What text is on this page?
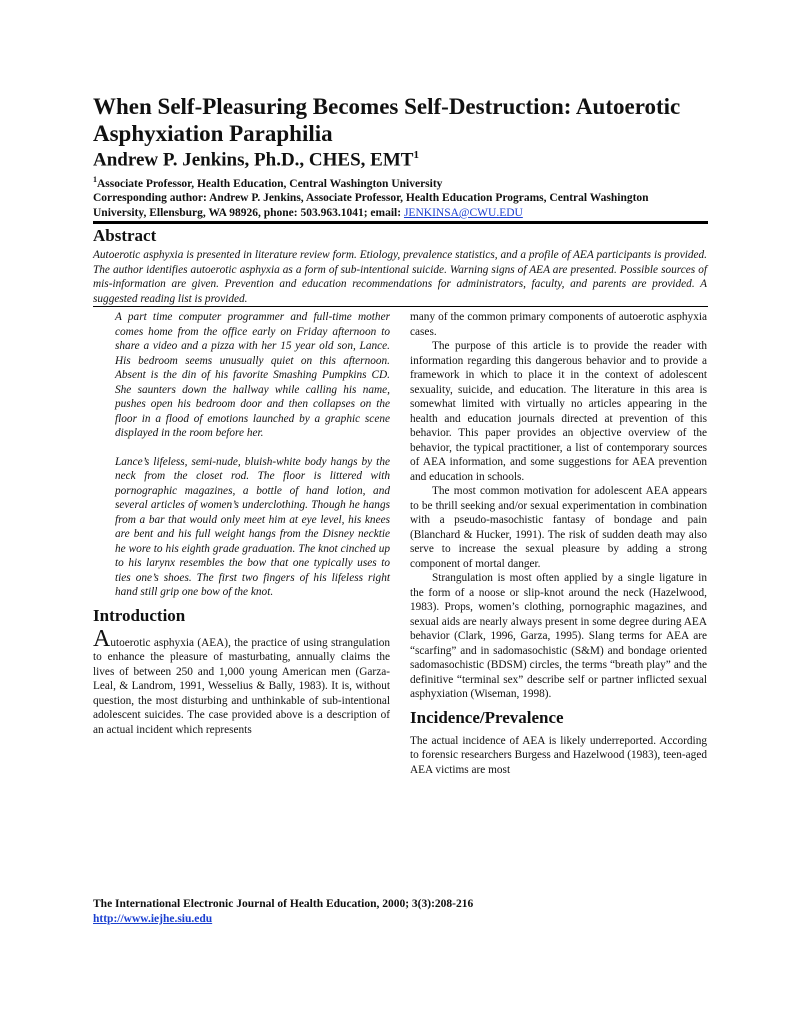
When Self-Pleasuring Becomes Self-Destruction: Autoerotic Asphyxiation Paraphilia

Andrew P. Jenkins, Ph.D., CHES, EMT$^1$

$^1$Associate Professor, Health Education, Central Washington University
Corresponding author: Andrew P. Jenkins, Associate Professor, Health Education Programs, Central Washington University, Ellensburg, WA 98926, phone: 503.963.1041; email: JENKINSA@CWU.EDU

Abstract

Autoerotic asphyxia is presented in literature review form. Etiology, prevalence statistics, and a profile of AEA participants is provided. The author identifies autoerotic asphyxia as a form of sub-intentional suicide. Warning signs of AEA are presented. Possible sources of mis-information are given. Prevention and education recommendations for administrators, faculty, and parents are provided. A suggested reading list is provided.

A part time computer programmer and full-time mother comes home from the office early on Friday afternoon to share a video and a pizza with her 15 year old son, Lance. His bedroom seems unusually quiet on this afternoon. Absent is the din of his favorite Smashing Pumpkins CD. She saunters down the hallway while calling his name, pushes open his bedroom door and then collapses on the floor in a flood of emotions launched by a graphic scene displayed in the room before her.

Lance’s lifeless, semi-nude, bluish-white body hangs by the neck from the closet rod. The floor is littered with pornographic magazines, a bottle of hand lotion, and several articles of women’s underclothing. Though he hangs from a bar that would only meet him at eye level, his knees are bent and his full weight hangs from the Disney necktie he wore to his eighth grade graduation. The knot cinched up to his larynx resembles the bow that one typically uses to ties one’s shoes. The first two fingers of his lifeless right hand still grip one bow of the knot.

Introduction

Autoerotic asphyxia (AEA), the practice of using strangulation to enhance the pleasure of masturbating, annually claims the lives of between 250 and 1,000 young American men (Garza-Leal, & Landrom, 1991, Wesselius & Bally, 1983). It is, without question, the most disturbing and unthinkable of sub-intentional adolescent suicides. The case provided above is a description of an actual incident which represents

many of the common primary components of autoerotic asphyxia cases.

The purpose of this article is to provide the reader with information regarding this dangerous behavior and to provide a framework in which to place it in the context of adolescent sexuality, suicide, and education. The literature in this area is somewhat limited with virtually no articles appearing in the health and education journals directed at prevention of this behavior. This paper provides an objective overview of the behavior, the typical practitioner, a list of contemporary sources of AEA information, and some suggestions for AEA prevention and education in schools.

The most common motivation for adolescent AEA appears to be thrill seeking and/or sexual experimentation in combination with a pseudo-masochistic fantasy of bondage and pain (Blanchard & Hucker, 1991). The risk of sudden death may also serve to increase the sexual pleasure by adding a strong component of mortal danger.

Strangulation is most often applied by a single ligature in the form of a noose or slip-knot around the neck (Hazelwood, 1983). Props, women’s clothing, pornographic magazines, and sexual aids are nearly always present in some degree during AEA behavior (Clark, 1996, Garza, 1995). Slang terms for AEA are “scarfing” and in sadomasochistic (S&M) and bondage oriented sadomasochistic (BDSM) circles, the terms “breath play” and the definitive “terminal sex” describe self or partner inflicted sexual asphyxiation (Wiseman, 1998).

Incidence/Prevalence

The actual incidence of AEA is likely underreported. According to forensic researchers Burgess and Hazelwood (1983), teen-aged AEA victims are most

The International Electronic Journal of Health Education, 2000; 3(3):208-216

http://www.iejhe.siu.edu
